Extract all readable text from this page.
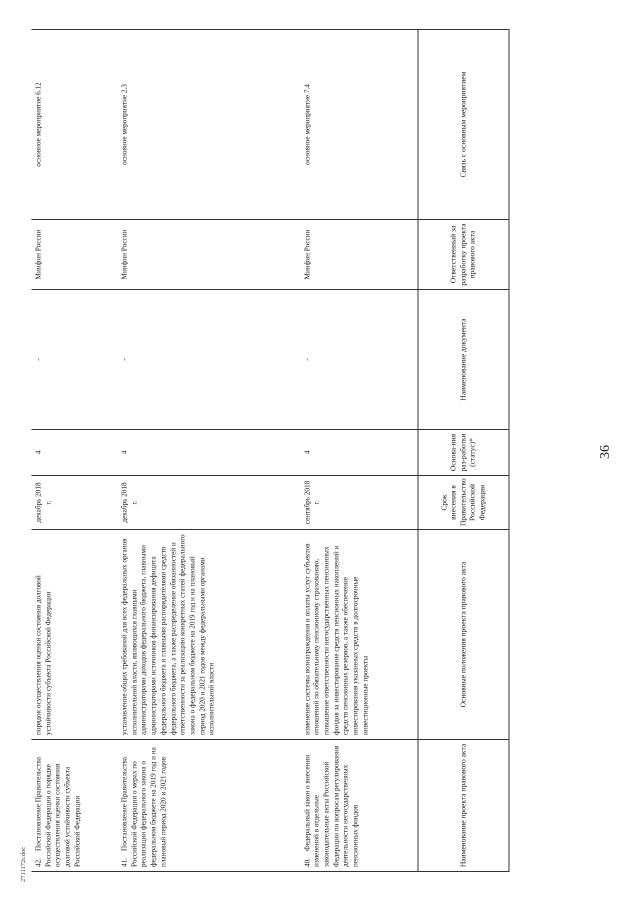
2711172r.doc
36
Наименование проекта правового акта	Основные положения проекта правового акта	Срок внесения в Правительство Российской Федерации	Основа-ния раз-работки (статус)*	Наименование документа	Ответственный за разработку проекта правового акта	Связь с основным мероприятием
40.Федеральный закон о внесении изменений в отдельные законодательные акты Российской Федерации по вопросам регулирования деятельности негосударственных пенсионных фондов	изменение системы вознаграждения и оплаты услуг субъектов отношений по обязательному пенсионному страхованию, повышение ответственности негосударственных пенсионных фондов за инвестирование средств пенсионных накоплений и средств пенсионных резервов, а также обеспечение инвестирования указанных средств в долгосрочные инвестиционные проекты	сентябрь 2018 г.	4	-	Минфин России	основное мероприятие 7.4
41.Постановление Правительства Российской Федерации о мерах по реализации федерального закона о федеральном бюджете на 2019 год и на плановый период 2020 и 2021 годов	установление общих требований для всех федеральных органов исполнительной власти, являющихся главными администраторами доходов федерального бюджета, главными администраторами источников финансирования дефицита федерального бюджета и главными распорядителями средств федерального бюджета, а также распределение обязанностей и ответственности за реализацию конкретных статей федерального закона о федеральном бюджете на 2019 год и на плановый период 2020 и 2021 годов между федеральными органами исполнительной власти	декабрь 2018 г.	4	-	Минфин России	основное мероприятие 2.3
42.Постановление Правительства Российской Федерации о порядке осуществления оценки состояния долговой устойчивости субъекта Российской Федерации	порядок осуществления оценки состояния долговой устойчивости субъекта Российской Федерации	декабрь 2018 г.	4	-	Минфин России	основное мероприятие 6.12
